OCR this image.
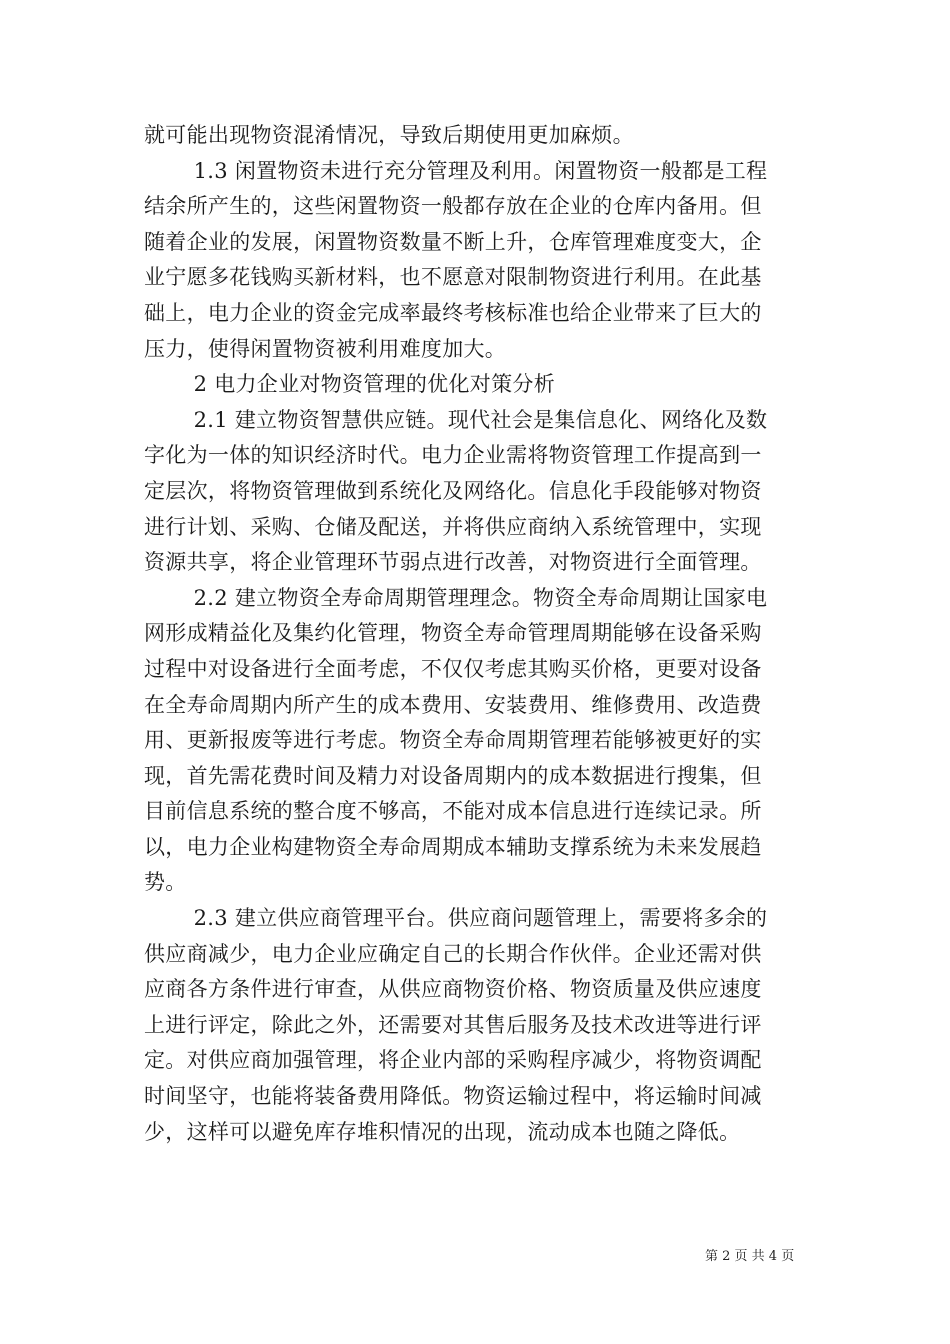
就可能出现物资混淆情况，导致后期使用更加麻烦。
　　 1.3 闲置物资未进行充分管理及利用。闲置物资一般都是工程
结余所产生的，这些闲置物资一般都存放在企业的仓库内备用。但
随着企业的发展，闲置物资数量不断上升，仓库管理难度变大，企
业宁愿多花钱购买新材料，也不愿意对限制物资进行利用。在此基
础上，电力企业的资金完成率最终考核标准也给企业带来了巨大的
压力，使得闲置物资被利用难度加大。
　　 2 电力企业对物资管理的优化对策分析
　　 2.1 建立物资智慧供应链。现代社会是集信息化、网络化及数
字化为一体的知识经济时代。电力企业需将物资管理工作提高到一
定层次，将物资管理做到系统化及网络化。信息化手段能够对物资
进行计划、采购、仓储及配送，并将供应商纳入系统管理中，实现
资源共享，将企业管理环节弱点进行改善，对物资进行全面管理。
　　 2.2 建立物资全寿命周期管理理念。物资全寿命周期让国家电
网形成精益化及集约化管理，物资全寿命管理周期能够在设备采购
过程中对设备进行全面考虑，不仅仅考虑其购买价格，更要对设备
在全寿命周期内所产生的成本费用、安装费用、维修费用、改造费
用、更新报废等进行考虑。物资全寿命周期管理若能够被更好的实
现，首先需花费时间及精力对设备周期内的成本数据进行搜集，但
目前信息系统的整合度不够高，不能对成本信息进行连续记录。所
以，电力企业构建物资全寿命周期成本辅助支撑系统为未来发展趋
势。
　　 2.3 建立供应商管理平台。供应商问题管理上，需要将多余的
供应商减少，电力企业应确定自己的长期合作伙伴。企业还需对供
应商各方条件进行审查，从供应商物资价格、物资质量及供应速度
上进行评定，除此之外，还需要对其售后服务及技术改进等进行评
定。对供应商加强管理，将企业内部的采购程序减少，将物资调配
时间坚守，也能将装备费用降低。物资运输过程中，将运输时间减
少，这样可以避免库存堆积情况的出现，流动成本也随之降低。
第 2 页 共 4 页
